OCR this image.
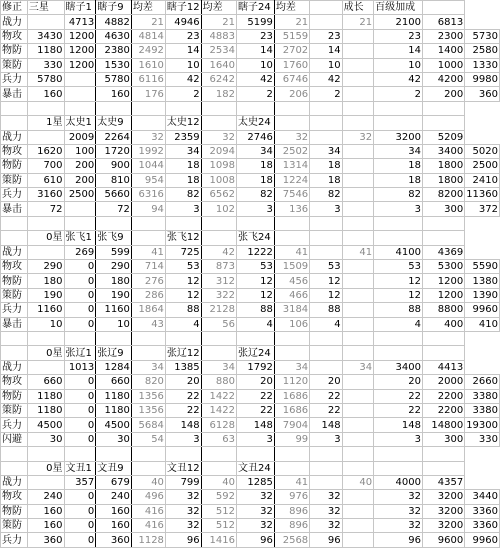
修正	三星	瞎子1	瞎子9	均差	瞎子12	均差	瞎子24	均差		成长	百级加成		
战力		4713	4882	21	4946	21	5199	21		21	2100	6813	
物攻	3430	1200	4630	4814	23	4883	23	5159	23		23	2300	5730
物防	1180	1200	2380	2492	14	2534	14	2702	14		14	1400	2580
策防	330	1200	1530	1610	10	1640	10	1760	10		10	1000	1330
兵力	5780		5780	6116	42	6242	42	6746	42		42	4200	9980
暴击	160		160	176	2	182	2	206	2		2	200	360

	1星	太史1	太史9		太史12		太史24						
战力		2009	2264	32	2359	32	2746	32		32	3200	5209	
物攻	1620	100	1720	1992	34	2094	34	2502	34		34	3400	5020
物防	700	200	900	1044	18	1098	18	1314	18		18	1800	2500
策防	610	200	810	954	18	1008	18	1224	18		18	1800	2410
兵力	3160	2500	5660	6316	82	6562	82	7546	82		82	8200	11360
暴击	72		72	94	3	102	3	136	3		3	300	372

	0星	张飞1	张飞9		张飞12		张飞24						
战力		269	599	41	725	42	1222	41		41	4100	4369	
物攻	290	0	290	714	53	873	53	1509	53		53	5300	5590
物防	180	0	180	276	12	312	12	456	12		12	1200	1380
策防	190	0	190	286	12	322	12	466	12		12	1200	1390
兵力	1160	0	1160	1864	88	2128	88	3184	88		88	8800	9960
暴击	10	0	10	43	4	56	4	106	4		4	400	410

	0星	张辽1	张辽9		张辽12		张辽24						
战力		1013	1284	34	1385	34	1792	34		34	3400	4413	
物攻	660	0	660	820	20	880	20	1120	20		20	2000	2660
物防	1180	0	1180	1356	22	1422	22	1686	22		22	2200	3380
策防	1180	0	1180	1356	22	1422	22	1686	22		22	2200	3380
兵力	4500	0	4500	5684	148	6128	148	7904	148		148	14800	19300
闪避	30	0	30	54	3	63	3	99	3		3	300	330

	0星	文丑1	文丑9		文丑12		文丑24						
战力		357	679	40	799	40	1285	41		40	4000	4357	
物攻	240	0	240	496	32	592	32	976	32		32	3200	3440
物防	160	0	160	416	32	512	32	896	32		32	3200	3360
策防	160	0	160	416	32	512	32	896	32		32	3200	3360
兵力	360	0	360	1128	96	1416	96	2568	96		96	9600	9960
